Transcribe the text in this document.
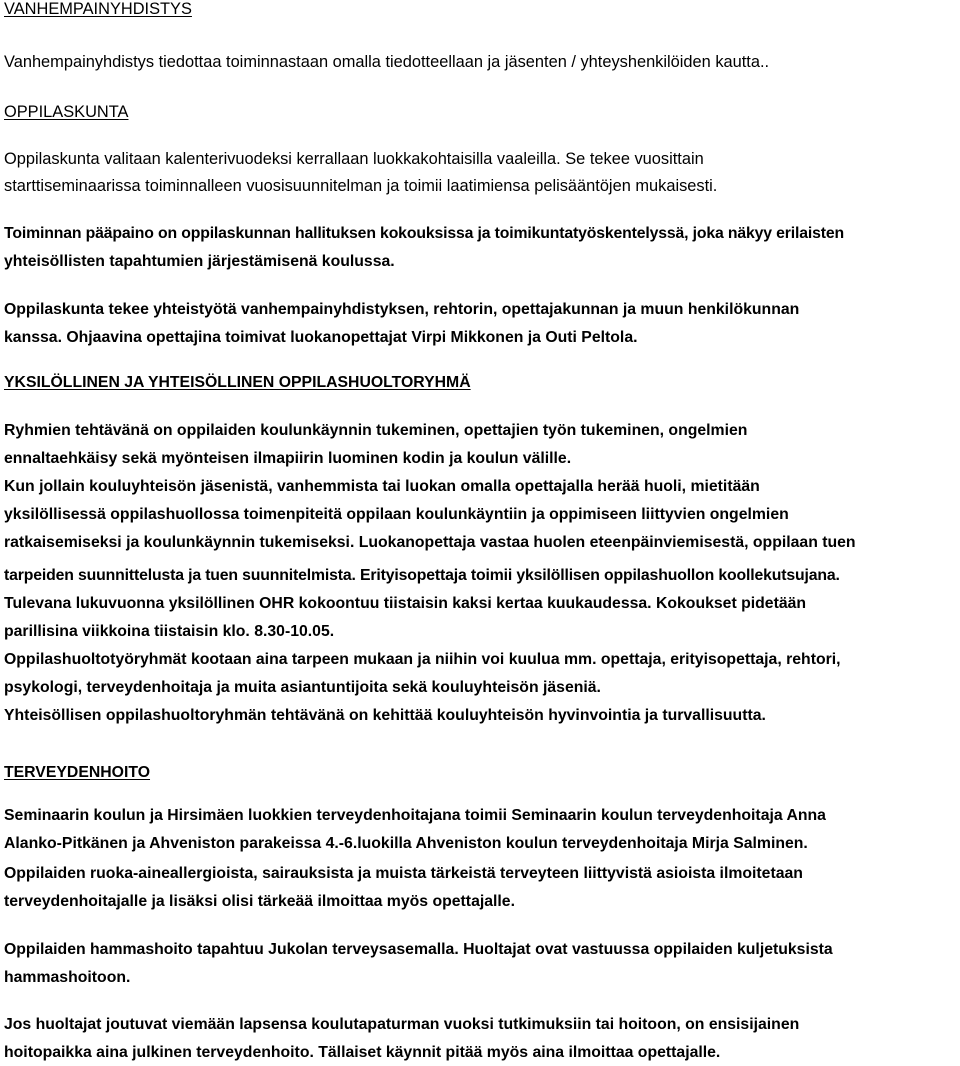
VANHEMPAINYHDISTYS
Vanhempainyhdistys tiedottaa toiminnastaan omalla tiedotteellaan ja jäsenten / yhteyshenkilöiden kautta..
OPPILASKUNTA
Oppilaskunta valitaan kalenterivuodeksi kerrallaan luokkakohtaisilla vaaleilla. Se tekee vuosittain
starttiseminaarissa toiminnalleen vuosisuunnitelman ja toimii laatimiensa pelisääntöjen mukaisesti.
Toiminnan pääpaino on oppilaskunnan hallituksen kokouksissa ja toimikuntatyöskentelyssä, joka näkyy erilaisten
yhteisöllisten tapahtumien järjestämisenä koulussa.
Oppilaskunta tekee yhteistyötä vanhempainyhdistyksen, rehtorin, opettajakunnan ja muun henkilökunnan
kanssa. Ohjaavina opettajina toimivat luokanopettajat Virpi Mikkonen ja Outi Peltola.
YKSILÖLLINEN JA YHTEISÖLLINEN OPPILASHUOLTORYHMÄ
Ryhmien tehtävänä on oppilaiden koulunkäynnin tukeminen, opettajien työn tukeminen, ongelmien
ennaltaehkäisy sekä myönteisen ilmapiirin luominen kodin ja koulun välille.
Kun jollain kouluyhteisön jäsenistä, vanhemmista tai luokan omalla opettajalla herää huoli, mietitään
yksilöllisessä oppilashuollossa toimenpiteitä oppilaan koulunkäyntiin ja oppimiseen liittyvien ongelmien
ratkaisemiseksi ja koulunkäynnin tukemiseksi. Luokanopettaja vastaa huolen eteenpäinviemisestä, oppilaan tuen
tarpeiden suunnittelusta ja tuen suunnitelmista. Erityisopettaja toimii yksilöllisen oppilashuollon koollekutsujana.
Tulevana lukuvuonna yksilöllinen OHR kokoontuu tiistaisin kaksi kertaa kuukaudessa. Kokoukset pidetään
parillisina viikkoina tiistaisin klo. 8.30-10.05.
Oppilashuoltotyöryhmät kootaan aina tarpeen mukaan ja niihin voi kuulua mm. opettaja, erityisopettaja, rehtori,
psykologi, terveydenhoitaja ja muita asiantuntijoita sekä kouluyhteisön jäseniä.
Yhteisöllisen oppilashuoltoryhmän tehtävänä on kehittää kouluyhteisön hyvinvointia ja turvallisuutta.
TERVEYDENHOITO
Seminaarin koulun ja Hirsimäen luokkien terveydenhoitajana toimii Seminaarin koulun terveydenhoitaja Anna
Alanko-Pitkänen ja Ahveniston parakeissa 4.-6.luokilla Ahveniston koulun terveydenhoitaja Mirja Salminen.
Oppilaiden ruoka-aineallergioista, sairauksista ja muista tärkeistä terveyteen liittyvistä asioista ilmoitetaan
terveydenhoitajalle ja lisäksi olisi tärkeää ilmoittaa myös opettajalle.
Oppilaiden hammashoito tapahtuu Jukolan terveysasemalla. Huoltajat ovat vastuussa oppilaiden kuljetuksista
hammashoitoon.
Jos huoltajat joutuvat viemään lapsensa koulutapaturman vuoksi tutkimuksiin tai hoitoon, on ensisijainen
hoitopaikka aina julkinen terveydenhoito. Tällaiset käynnit pitää myös aina ilmoittaa opettajalle.
